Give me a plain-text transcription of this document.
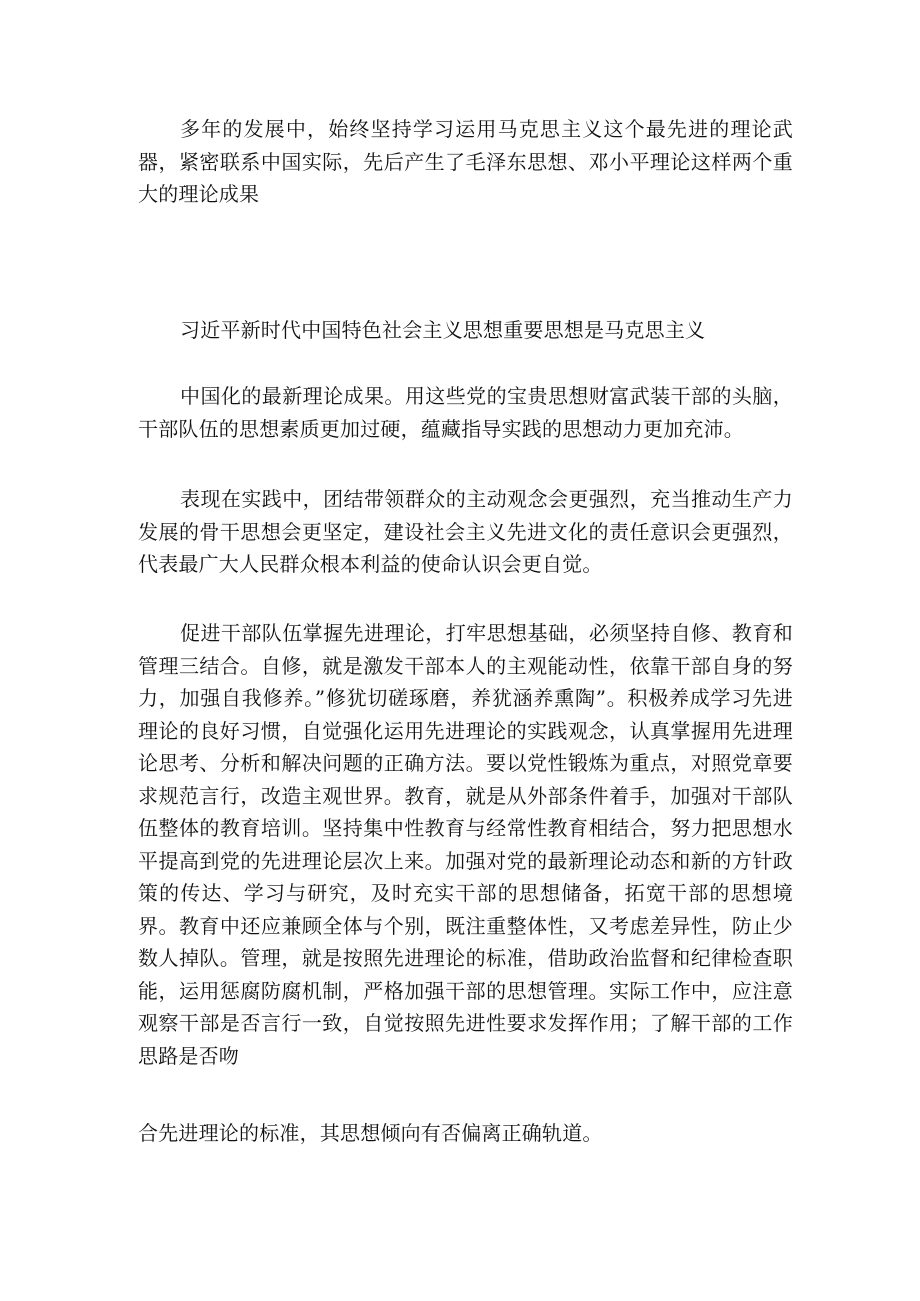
多年的发展中，始终坚持学习运用马克思主义这个最先进的理论武器，紧密联系中国实际，先后产生了毛泽东思想、邓小平理论这样两个重大的理论成果

习近平新时代中国特色社会主义思想重要思想是马克思主义

中国化的最新理论成果。用这些党的宝贵思想财富武装干部的头脑，干部队伍的思想素质更加过硬，蕴藏指导实践的思想动力更加充沛。

表现在实践中，团结带领群众的主动观念会更强烈，充当推动生产力发展的骨干思想会更坚定，建设社会主义先进文化的责任意识会更强烈，代表最广大人民群众根本利益的使命认识会更自觉。

促进干部队伍掌握先进理论，打牢思想基础，必须坚持自修、教育和管理三结合。自修，就是激发干部本人的主观能动性，依靠干部自身的努力，加强自我修养。”修犹切磋琢磨，养犹涵养熏陶”。积极养成学习先进理论的良好习惯，自觉强化运用先进理论的实践观念，认真掌握用先进理论思考、分析和解决问题的正确方法。要以党性锻炼为重点，对照党章要求规范言行，改造主观世界。教育，就是从外部条件着手，加强对干部队伍整体的教育培训。坚持集中性教育与经常性教育相结合，努力把思想水平提高到党的先进理论层次上来。加强对党的最新理论动态和新的方针政策的传达、学习与研究，及时充实干部的思想储备，拓宽干部的思想境界。教育中还应兼顾全体与个别，既注重整体性，又考虑差异性，防止少数人掉队。管理，就是按照先进理论的标准，借助政治监督和纪律检查职能，运用惩腐防腐机制，严格加强干部的思想管理。实际工作中，应注意观察干部是否言行一致，自觉按照先进性要求发挥作用；了解干部的工作思路是否吻

合先进理论的标准，其思想倾向有否偏离正确轨道。
